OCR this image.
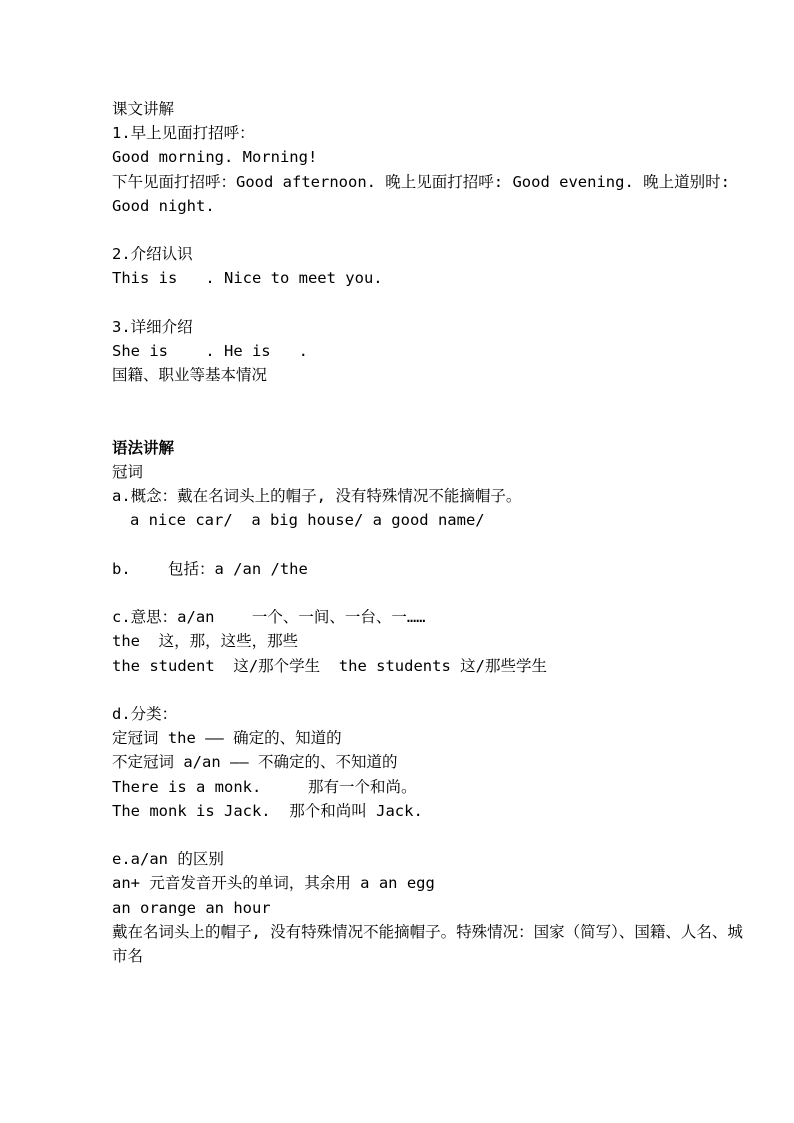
课文讲解
1.早上见面打招呼：
Good morning. Morning!
下午见面打招呼：Good afternoon. 晚上见面打招呼: Good evening. 晚上道别时: Good night.
2.介绍认识
This is   . Nice to meet you.
3.详细介绍
She is    . He is   .
国籍、职业等基本情况
语法讲解
冠词
a.概念：戴在名词头上的帽子, 没有特殊情况不能摘帽子。
a nice car/  a big house/ a good name/
b.    包括：a /an /the
c.意思：a/an    一个、一间、一台、一……
the  这，那，这些，那些
the student  这/那个学生  the students 这/那些学生
d.分类：
定冠词 the —— 确定的、知道的
不定冠词 a/an —— 不确定的、不知道的
There is a monk.     那有一个和尚。
The monk is Jack.  那个和尚叫 Jack.
e.a/an 的区别
an+ 元音发音开头的单词，其余用 a an egg
an orange an hour
戴在名词头上的帽子, 没有特殊情况不能摘帽子。特殊情况：国家（简写）、国籍、人名、城市名
